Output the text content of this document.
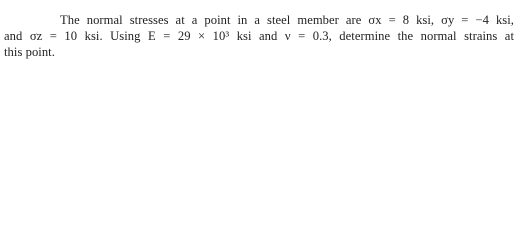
The normal stresses at a point in a steel member are σx = 8 ksi, σy = −4 ksi,
and σz = 10 ksi. Using E = 29 × 10³ ksi and ν = 0.3, determine the normal strains at
this point.
